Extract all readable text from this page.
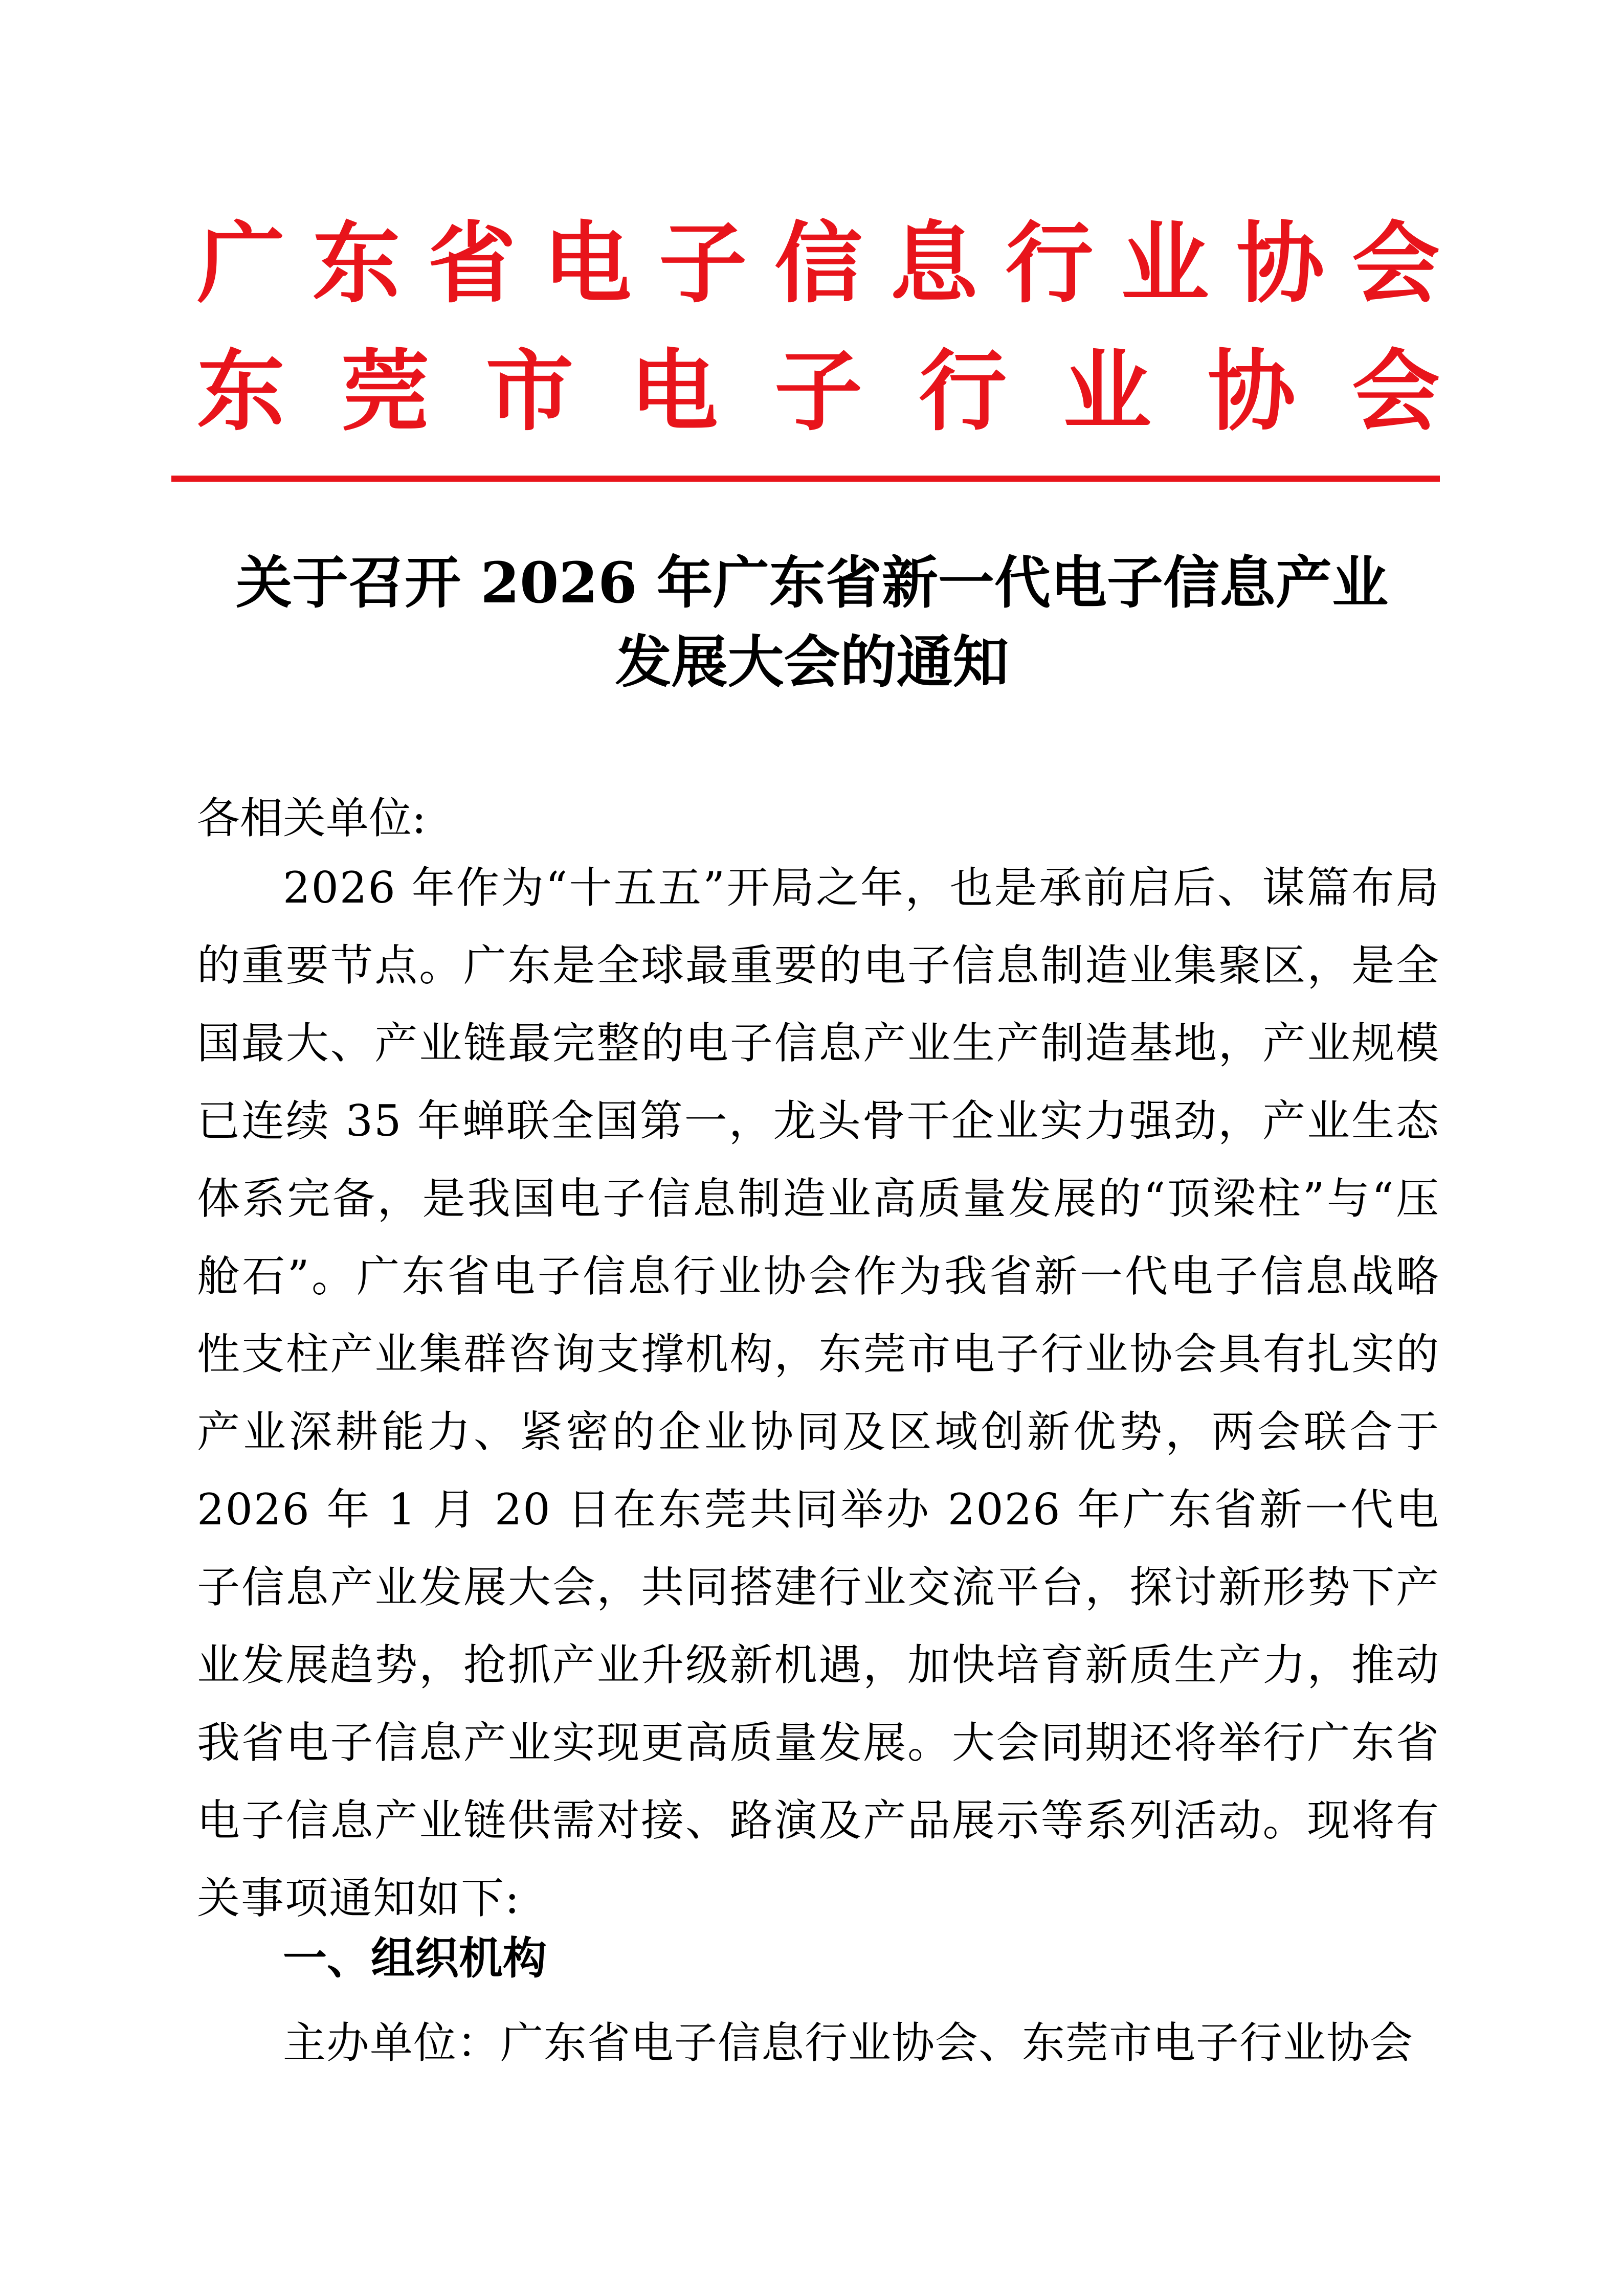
广 东 省 电 子 信 息 行 业 协 会
东 莞 市 电 子 行 业 协 会
关于召开 2026 年广东省新一代电子信息产业
发展大会的通知
各相关单位:
2026 年作为“十五五”开局之年，也是承前启后、谋篇布局的重要节点。广东是全球最重要的电子信息制造业集聚区，是全国最大、产业链最完整的电子信息产业生产制造基地，产业规模已连续 35 年蝉联全国第一，龙头骨干企业实力强劲，产业生态体系完备，是我国电子信息制造业高质量发展的“顶梁柱”与“压舱石”。广东省电子信息行业协会作为我省新一代电子信息战略性支柱产业集群咨询支撑机构，东莞市电子行业协会具有扎实的产业深耕能力、紧密的企业协同及区域创新优势，两会联合于 2026 年 1 月 20 日在东莞共同举办 2026 年广东省新一代电子信息产业发展大会，共同搭建行业交流平台，探讨新形势下产业发展趋势，抢抓产业升级新机遇，加快培育新质生产力，推动我省电子信息产业实现更高质量发展。大会同期还将举行广东省电子信息产业链供需对接、路演及产品展示等系列活动。现将有关事项通知如下:
一、组织机构
主办单位：广东省电子信息行业协会、东莞市电子行业协会
